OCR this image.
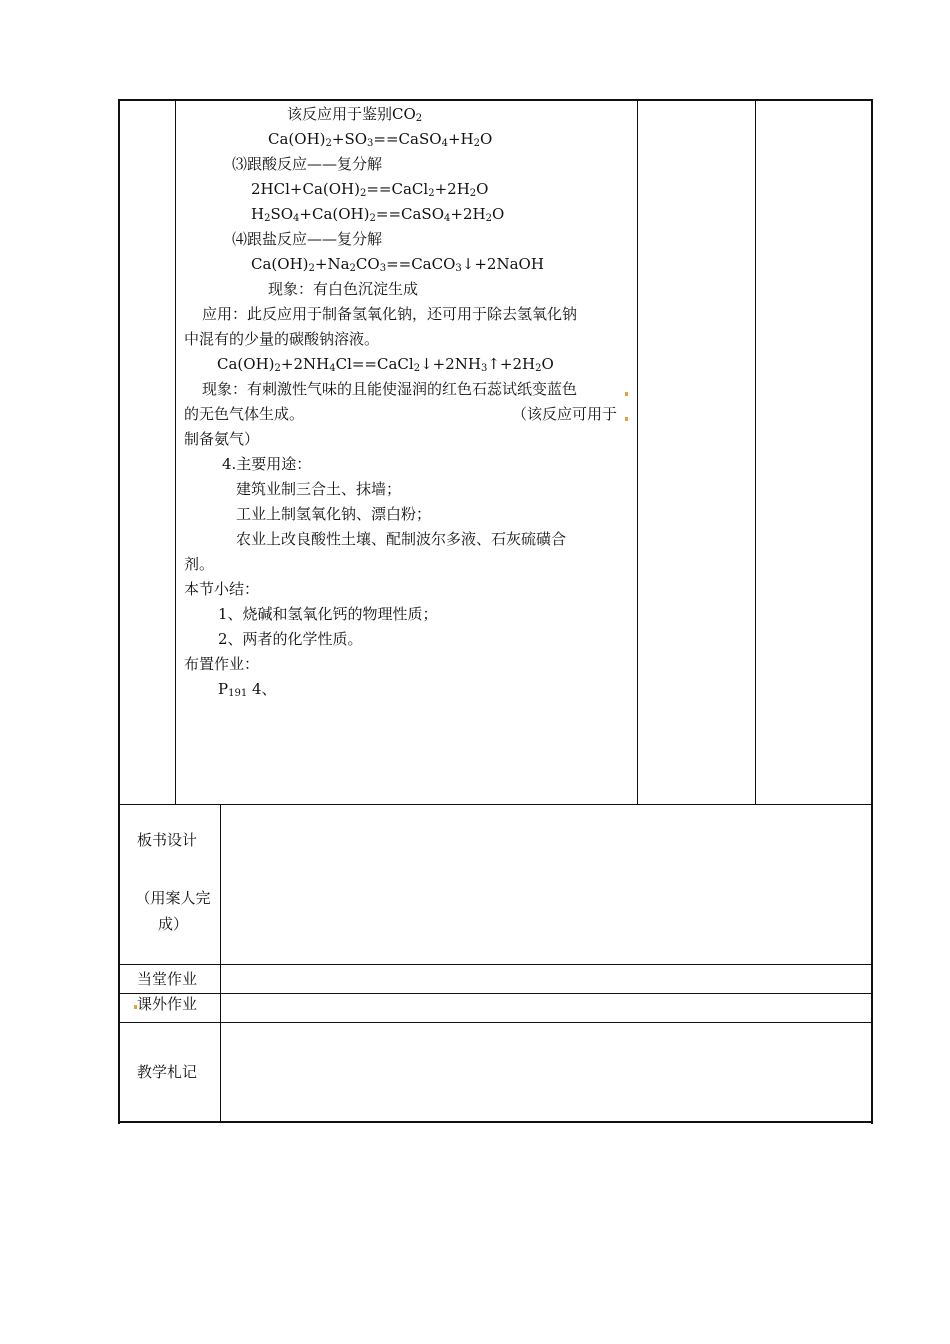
该反应用于鉴别$CO_2$
$Ca(OH)_2+SO_3==CaSO_4+H_2O$
⑶跟酸反应——复分解
$2HCl+Ca(OH)_2==CaCl_2+2H_2O$
$H_2SO_4+Ca(OH)_2==CaSO_4+2H_2O$
⑷跟盐反应——复分解
$Ca(OH)_2+Na_2CO_3==CaCO_3↓+2NaOH$
现象：有白色沉淀生成
应用：此反应用于制备氢氧化钠，还可用于除去氢氧化钠
中混有的少量的碳酸钠溶液。
$Ca(OH)_2+2NH_4Cl==CaCl_2↓+2NH_3↑+2H_2O$
现象：有刺激性气味的且能使湿润的红色石蕊试纸变蓝色
的无色气体生成。	（该反应可用于
制备氨气）
4.主要用途：
建筑业制三合土、抹墙；
工业上制氢氧化钠、漂白粉；
农业上改良酸性土壤、配制波尔多液、石灰硫磺合
剂。
本节小结：
1、烧碱和氢氧化钙的物理性质；
2、两者的化学性质。
布置作业：
$P_{191}$ 4、
板书设计
（用案人完成）
当堂作业
课外作业
教学札记
